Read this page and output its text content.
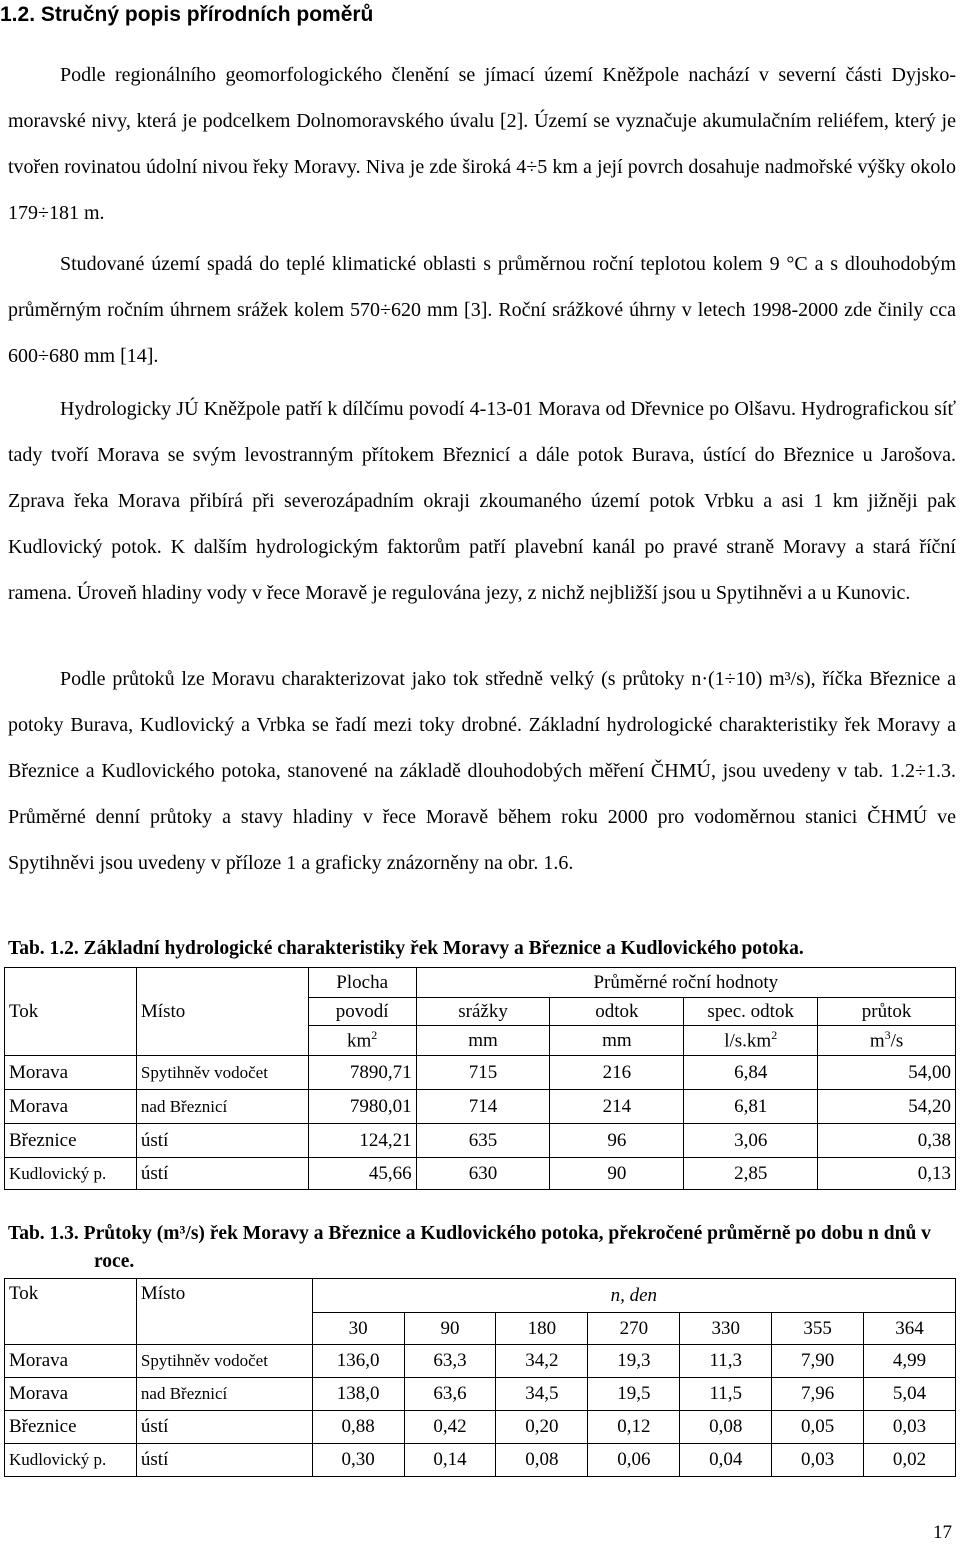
1.2. Stručný popis přírodních poměrů

Podle regionálního geomorfologického členění se jímací území Kněžpole nachází v severní části Dyjsko-moravské nivy, která je podcelkem Dolnomoravského úvalu [2]. Území se vyznačuje akumulačním reliéfem, který je tvořen rovinatou údolní nivou řeky Moravy. Niva je zde široká 4÷5 km a její povrch dosahuje nadmořské výšky okolo 179÷181 m.

Studované území spadá do teplé klimatické oblasti s průměrnou roční teplotou kolem 9 °C a s dlouhodobým průměrným ročním úhrnem srážek kolem 570÷620 mm [3]. Roční srážkové úhrny v letech 1998-2000 zde činily cca 600÷680 mm [14].

Hydrologicky JÚ Kněžpole patří k dílčímu povodí 4-13-01 Morava od Dřevnice po Olšavu. Hydrografickou síť tady tvoří Morava se svým levostranným přítokem Březnicí a dále potok Burava, ústící do Březnice u Jarošova. Zprava řeka Morava přibírá při severozápadním okraji zkoumaného území potok Vrbku a asi 1 km jižněji pak Kudlovický potok. K dalším hydrologickým faktorům patří plavební kanál po pravé straně Moravy a stará říční ramena. Úroveň hladiny vody v řece Moravě je regulována jezy, z nichž nejbližší jsou u Spytihněvi a u Kunovic.

Podle průtoků lze Moravu charakterizovat jako tok středně velký (s průtoky n·(1÷10) m³/s), říčka Březnice a potoky Burava, Kudlovický a Vrbka se řadí mezi toky drobné. Základní hydrologické charakteristiky řek Moravy a Březnice a Kudlovického potoka, stanovené na základě dlouhodobých měření ČHMÚ, jsou uvedeny v tab. 1.2÷1.3. Průměrné denní průtoky a stavy hladiny v řece Moravě během roku 2000 pro vodoměrnou stanici ČHMÚ ve Spytihněvi jsou uvedeny v příloze 1 a graficky znázorněny na obr. 1.6.

Tab. 1.2. Základní hydrologické charakteristiky řek Moravy a Březnice a Kudlovického potoka.
Tok	Místo	Plocha	Průměrné roční hodnoty			
		povodí	srážky	odtok	spec. odtok	průtok
		$km^2$	mm	mm	$l/s.km^2$	$m^3/s$
Morava	Spytihněv vodočet	7890,71	715	216	6,84	54,00
Morava	nad Březnicí	7980,01	714	214	6,81	54,20
Březnice	ústí	124,21	635	96	3,06	0,38
Kudlovický p.	ústí	45,66	630	90	2,85	0,13
Tab. 1.3. Průtoky (m³/s) řek Moravy a Březnice a Kudlovického potoka, překročené průměrně po dobu n dnů v roce.
Tok	Místo	n, den						
		30	90	180	270	330	355	364
Morava	Spytihněv vodočet	136,0	63,3	34,2	19,3	11,3	7,90	4,99
Morava	nad Březnicí	138,0	63,6	34,5	19,5	11,5	7,96	5,04
Březnice	ústí	0,88	0,42	0,20	0,12	0,08	0,05	0,03
Kudlovický p.	ústí	0,30	0,14	0,08	0,06	0,04	0,03	0,02
17
